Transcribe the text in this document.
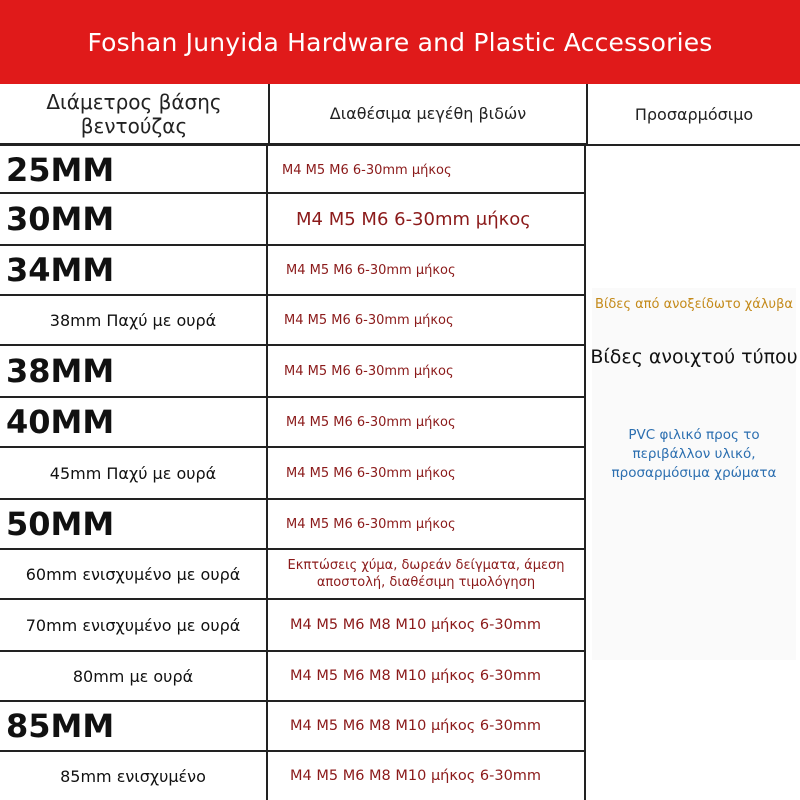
Foshan Junyida Hardware and Plastic Accessories
Διάμετρος βάσης βεντούζας	Διαθέσιμα μεγέθη βιδών	Προσαρμόσιμο
25MM	M4 M5 M6 6-30mm μήκος
30MM	M4 M5 M6 6-30mm μήκος
34MM	M4 M5 M6 6-30mm μήκος
38mm Παχύ με ουρά	M4 M5 M6 6-30mm μήκος
38MM	M4 M5 M6 6-30mm μήκος
40MM	M4 M5 M6 6-30mm μήκος
45mm Παχύ με ουρά	M4 M5 M6 6-30mm μήκος
50MM	M4 M5 M6 6-30mm μήκος
60mm ενισχυμένο με ουρά	Εκπτώσεις χύμα, δωρεάν δείγματα, άμεση αποστολή, διαθέσιμη τιμολόγηση
70mm ενισχυμένο με ουρά	M4 M5 M6 M8 M10 μήκος 6-30mm
80mm με ουρά	M4 M5 M6 M8 M10 μήκος 6-30mm
85MM	M4 M5 M6 M8 M10 μήκος 6-30mm
85mm ενισχυμένο	M4 M5 M6 M8 M10 μήκος 6-30mm
Βίδες από ανοξείδωτο χάλυβα
Βίδες ανοιχτού τύπου
PVC φιλικό προς το περιβάλλον υλικό, προσαρμόσιμα χρώματα
